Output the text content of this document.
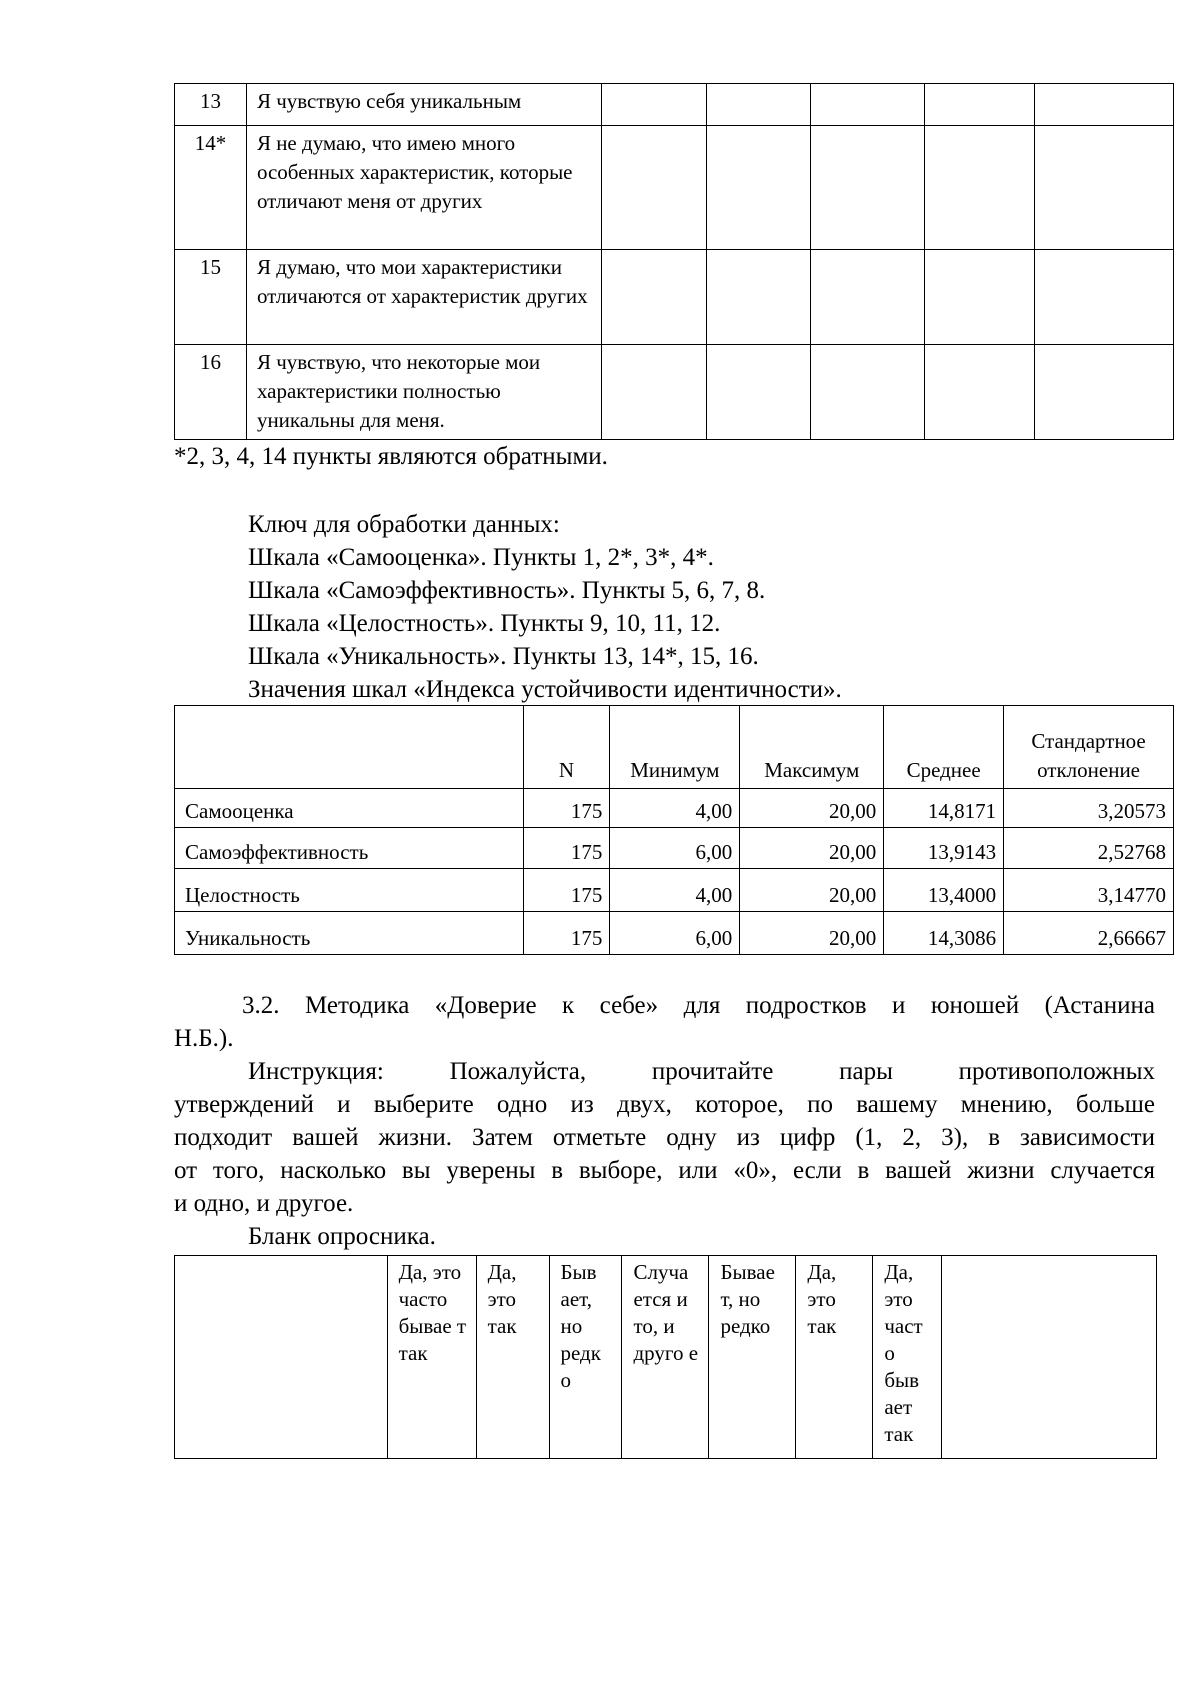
13	Я чувствую себя уникальным					
14*	Я не думаю, что имею много особенных характеристик, которые отличают меня от других					
15	Я думаю, что мои характеристики отличаются от характеристик других					
16	Я чувствую, что некоторые мои характеристики полностью уникальны для меня.					
*2, 3, 4, 14 пункты являются обратными.
Ключ для обработки данных:
Шкала «Самооценка». Пункты 1, 2*, 3*, 4*.
Шкала «Самоэффективность». Пункты 5, 6, 7, 8.
Шкала «Целостность». Пункты 9, 10, 11, 12.
Шкала «Уникальность». Пункты 13, 14*, 15, 16.
Значения шкал «Индекса устойчивости идентичности».
	N	Минимум	Максимум	Среднее	Стандартное отклонение
Самооценка	175	4,00	20,00	14,8171	3,20573
Самоэффективность	175	6,00	20,00	13,9143	2,52768
Целостность	175	4,00	20,00	13,4000	3,14770
Уникальность	175	6,00	20,00	14,3086	2,66667
3.2. Методика «Доверие к себе» для подростков и юношей (Астанина
Н.Б.).
Инструкция: Пожалуйста, прочитайте пары противоположных
утверждений и выберите одно из двух, которое, по вашему мнению, больше
подходит вашей жизни. Затем отметьте одну из цифр (1, 2, 3), в зависимости
от того, насколько вы уверены в выборе, или «0», если в вашей жизни случается
и одно, и другое.
Бланк опросника.
	Да, это часто бывае т так	Да, это так	Быв ает, но редк о	Случа ется и то, и друго е	Бывае т, но редко	Да, это так	Да, это част о быв ает так	
